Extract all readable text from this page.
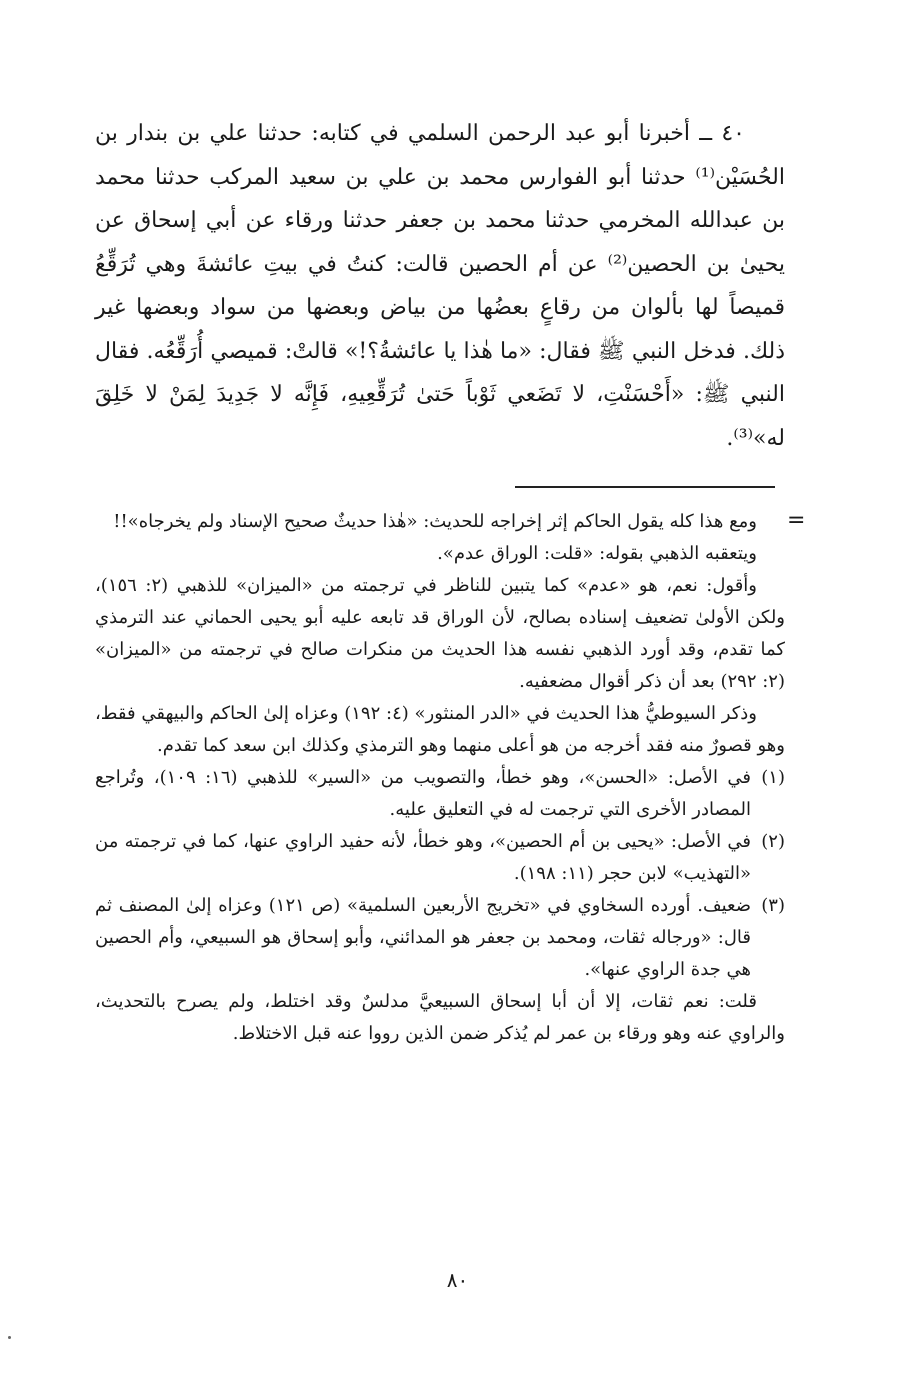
٤٠ ــ أخبرنا أبو عبد الرحمن السلمي في كتابه: حدثنا علي بن بندار بن الحُسَيْن⁽¹⁾ حدثنا أبو الفوارس محمد بن علي بن سعيد المركب حدثنا محمد بن عبدالله المخرمي حدثنا محمد بن جعفر حدثنا ورقاء عن أبي إسحاق عن يحيىٰ بن الحصين⁽²⁾ عن أم الحصين قالت: كنتُ في بيتِ عائشةَ وهي تُرَقِّعُ قميصاً لها بألوان من رقاعٍ بعضُها من بياض وبعضها من سواد وبعضها غير ذلك. فدخل النبي ﷺ فقال: «ما هٰذا يا عائشةُ؟!» قالتْ: قميصي أُرَقِّعُه. فقال النبي ﷺ: «أَحْسَنْتِ، لا تَضَعي ثَوْباً حَتىٰ تُرَقِّعِيهِ، فَإِنَّه لا جَدِيدَ لِمَنْ لا خَلِقَ له»⁽³⁾.

=

ومع هذا كله يقول الحاكم إثر إخراجه للحديث: «هٰذا حديثٌ صحيح الإسناد ولم يخرجاه»!!

ويتعقبه الذهبي بقوله: «قلت: الوراق عدم».

وأقول: نعم، هو «عدم» كما يتبين للناظر في ترجمته من «الميزان» للذهبي (٢: ١٥٦)، ولكن الأولىٰ تضعيف إسناده بصالح، لأن الوراق قد تابعه عليه أبو يحيى الحماني عند الترمذي كما تقدم، وقد أورد الذهبي نفسه هذا الحديث من منكرات صالح في ترجمته من «الميزان» (٢: ٢٩٢) بعد أن ذكر أقوال مضعفيه.

وذكر السيوطيُّ هذا الحديث في «الدر المنثور» (٤: ١٩٢) وعزاه إلىٰ الحاكم والبيهقي فقط، وهو قصورٌ منه فقد أخرجه من هو أعلى منهما وهو الترمذي وكذلك ابن سعد كما تقدم.

(١)

في الأصل: «الحسن»، وهو خطأ، والتصويب من «السير» للذهبي (١٦: ١٠٩)، وتُراجع المصادر الأخرى التي ترجمت له في التعليق عليه.

(٢)

في الأصل: «يحيى بن أم الحصين»، وهو خطأ، لأنه حفيد الراوي عنها، كما في ترجمته من «التهذيب» لابن حجر (١١: ١٩٨).

(٣)

ضعيف. أورده السخاوي في «تخريج الأربعين السلمية» (ص ١٢١) وعزاه إلىٰ المصنف ثم قال: «ورجاله ثقات، ومحمد بن جعفر هو المدائني، وأبو إسحاق هو السبيعي، وأم الحصين هي جدة الراوي عنها».

قلت: نعم ثقات، إلا أن أبا إسحاق السبيعيَّ مدلسٌ وقد اختلط، ولم يصرح بالتحديث، والراوي عنه وهو ورقاء بن عمر لم يُذكر ضمن الذين رووا عنه قبل الاختلاط.

٨٠
